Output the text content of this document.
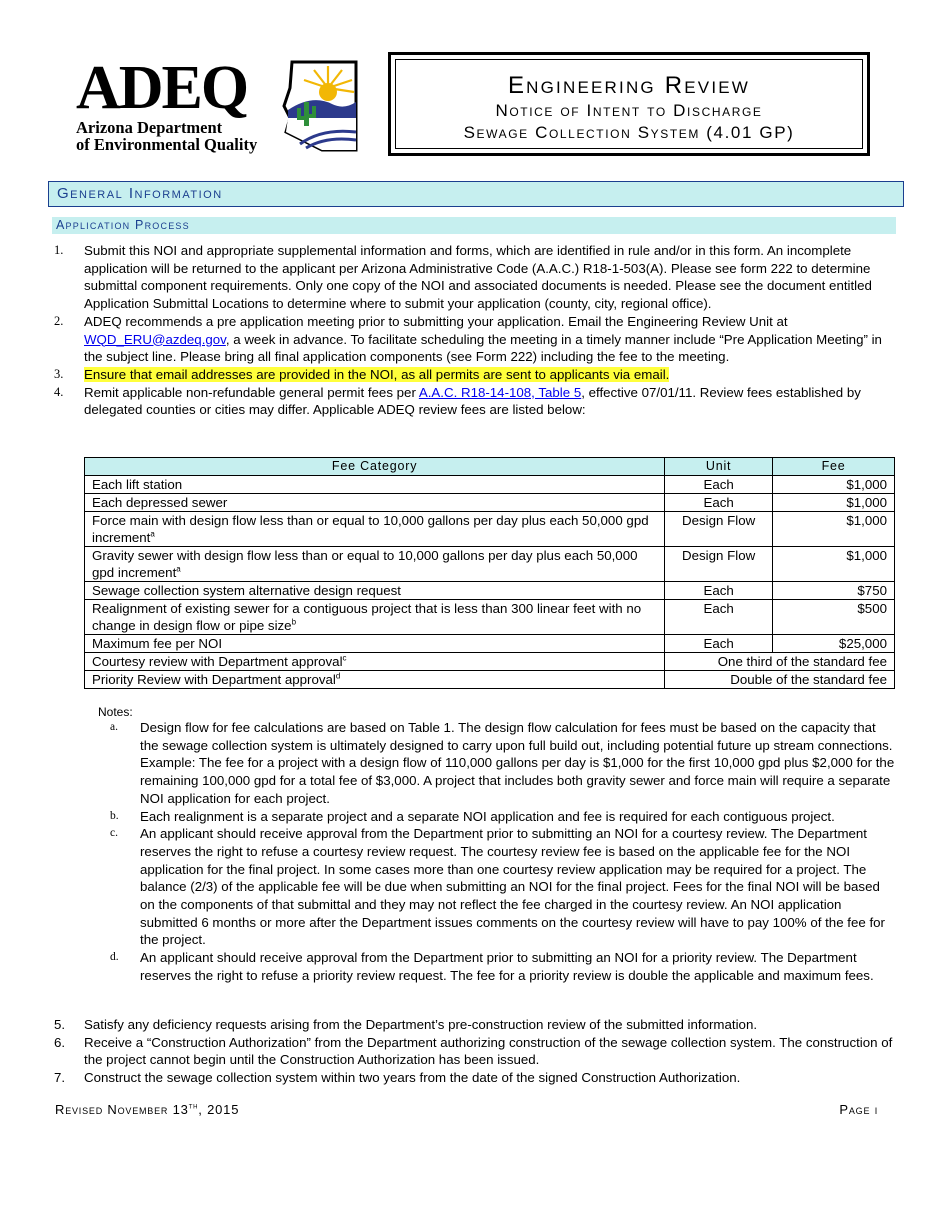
ADEQ
Arizona Department
of Environmental Quality
Engineering Review
Notice of Intent to Discharge
Sewage Collection System (4.01 GP)
General Information
Application Process
1.	Submit this NOI and appropriate supplemental information and forms, which are identified in rule and/or in this form. An incomplete application will be returned to the applicant per Arizona Administrative Code (A.A.C.) R18-1-503(A). Please see form 222 to determine submittal component requirements. Only one copy of the NOI and associated documents is needed. Please see the document entitled Application Submittal Locations to determine where to submit your application (county, city, regional office).
2.	ADEQ recommends a pre application meeting prior to submitting your application. Email the Engineering Review Unit at WQD_ERU@azdeq.gov, a week in advance. To facilitate scheduling the meeting in a timely manner include “Pre Application Meeting” in the subject line. Please bring all final application components (see Form 222) including the fee to the meeting.
3.	Ensure that email addresses are provided in the NOI, as all permits are sent to applicants via email.
4.	Remit applicable non-refundable general permit fees per A.A.C. R18-14-108, Table 5, effective 07/01/11. Review fees established by delegated counties or cities may differ. Applicable ADEQ review fees are listed below:
Fee Category	Unit	Fee
Each lift station	Each	$1,000
Each depressed sewer	Each	$1,000
Force main with design flow less than or equal to 10,000 gallons per day plus each 50,000 gpd increment$^a$	Design Flow	$1,000
Gravity sewer with design flow less than or equal to 10,000 gallons per day plus each 50,000 gpd increment$^a$	Design Flow	$1,000
Sewage collection system alternative design request	Each	$750
Realignment of existing sewer for a contiguous project that is less than 300 linear feet with no change in design flow or pipe size$^b$	Each	$500
Maximum fee per NOI	Each	$25,000
Courtesy review with Department approval$^c$	One third of the standard fee	
Priority Review with Department approval$^d$	Double of the standard fee	
Notes:
a.	Design flow for fee calculations are based on Table 1. The design flow calculation for fees must be based on the capacity that the sewage collection system is ultimately designed to carry upon full build out, including potential future up stream connections. Example: The fee for a project with a design flow of 110,000 gallons per day is $1,000 for the first 10,000 gpd plus $2,000 for the remaining 100,000 gpd for a total fee of $3,000. A project that includes both gravity sewer and force main will require a separate NOI application for each project.
b.	Each realignment is a separate project and a separate NOI application and fee is required for each contiguous project.
c.	An applicant should receive approval from the Department prior to submitting an NOI for a courtesy review. The Department reserves the right to refuse a courtesy review request. The courtesy review fee is based on the applicable fee for the NOI application for the final project. In some cases more than one courtesy review application may be required for a project. The balance (2/3) of the applicable fee will be due when submitting an NOI for the final project. Fees for the final NOI will be based on the components of that submittal and they may not reflect the fee charged in the courtesy review. An NOI application submitted 6 months or more after the Department issues comments on the courtesy review will have to pay 100% of the fee for the project.
d.	An applicant should receive approval from the Department prior to submitting an NOI for a priority review. The Department reserves the right to refuse a priority review request. The fee for a priority review is double the applicable and maximum fees.
5.	Satisfy any deficiency requests arising from the Department’s pre-construction review of the submitted information.
6.	Receive a “Construction Authorization” from the Department authorizing construction of the sewage collection system. The construction of the project cannot begin until the Construction Authorization has been issued.
7.	Construct the sewage collection system within two years from the date of the signed Construction Authorization.
Revised November 13th, 2015	Page i
